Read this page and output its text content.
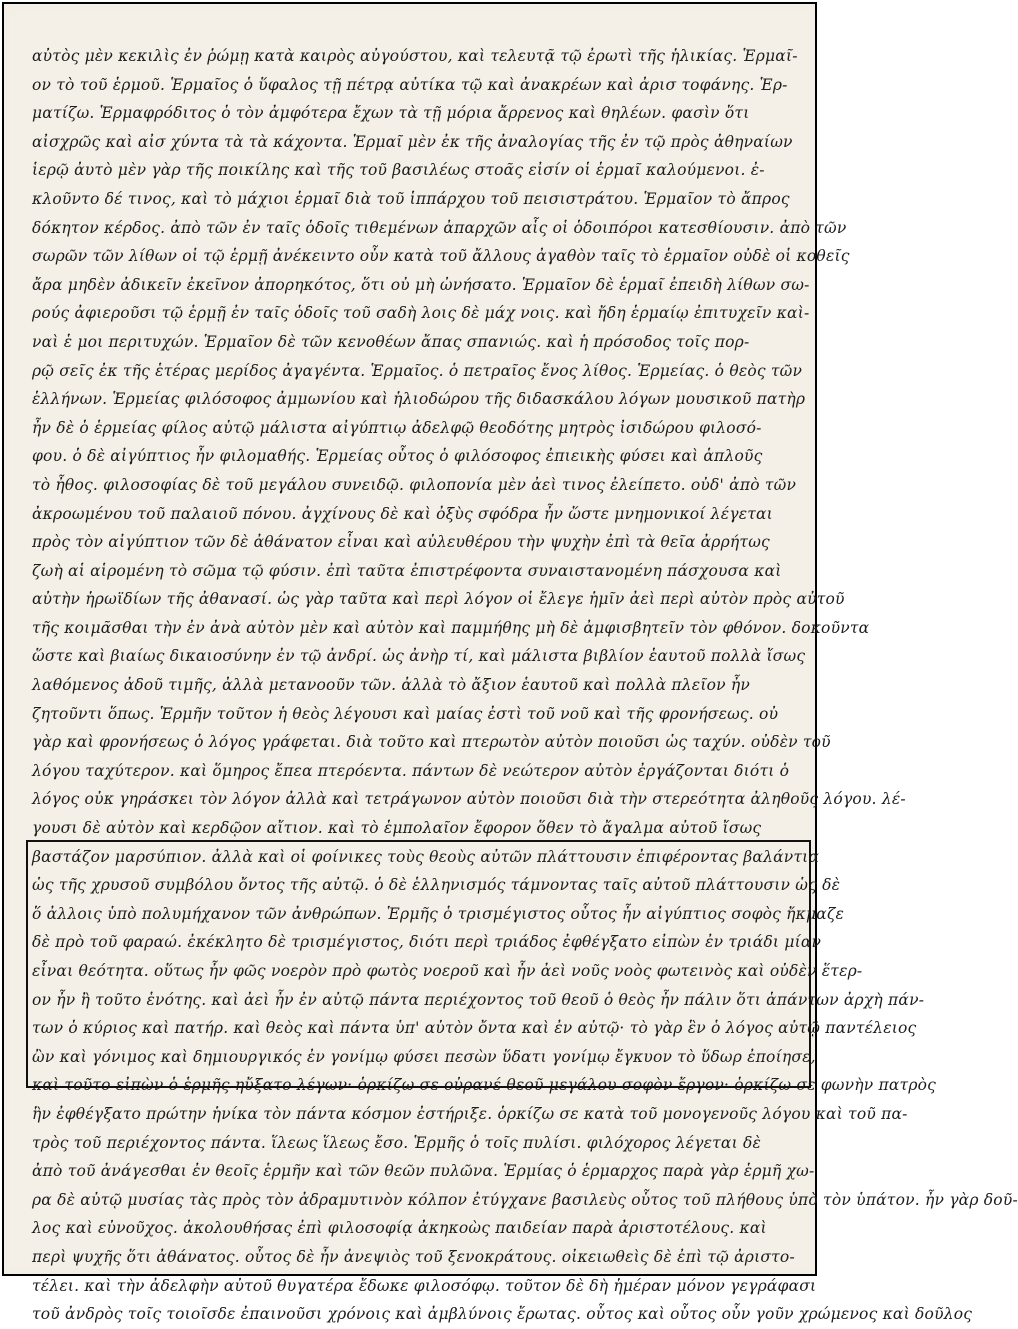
αὐτὸς μὲν κεκιλὶς ἐν ῥώμῃ κατὰ καιρὸς αὐγούστου, καὶ τελευτᾷ τῷ ἐρωτὶ τῆς ἡλικίας. Ἑρμαῖ-
ον τὸ τοῦ ἑρμοῦ. Ἑρμαῖος ὁ ὕφαλος τῇ πέτρᾳ αὐτίκα τῷ καὶ ἀνακρέων καὶ ἀρισ τοφάνης. Ἑρ-
ματίζω. Ἑρμαφρόδιτος ὁ τὸν ἀμφότερα ἔχων τὰ τῇ μόρια ἄρρενος καὶ θηλέων. φασὶν ὅτι
αἰσχρῶς καὶ αἰσ χύντα τὰ τὰ κάχοντα. Ἑρμαῖ μὲν ἐκ τῆς ἀναλογίας τῆς ἐν τῷ πρὸς ἀθηναίων
ἱερῷ ἀυτὸ μὲν γὰρ τῆς ποικίλης καὶ τῆς τοῦ βασιλέως στοᾶς εἰσίν οἱ ἑρμαῖ καλούμενοι. ἐ-
κλοῦντο δέ τινος, καὶ τὸ μάχιοι ἑρμαῖ διὰ τοῦ ἱππάρχου τοῦ πεισιστράτου. Ἑρμαῖον τὸ ἄπρος
δόκητον κέρδος. ἀπὸ τῶν ἐν ταῖς ὁδοῖς τιθεμένων ἀπαρχῶν αἷς οἱ ὁδοιπόροι κατεσθίουσιν. ἀπὸ τῶν
σωρῶν τῶν λίθων οἱ τῷ ἑρμῇ ἀνέκειντο οὖν κατὰ τοῦ ἄλλους ἀγαθὸν ταῖς τὸ ἑρμαῖον οὐδὲ οἱ κοθεῖς
ἄρα μηδὲν ἀδικεῖν ἐκεῖνον ἀπορηκότος, ὅτι οὐ μὴ ὠνήσατο. Ἑρμαῖον δὲ ἑρμαῖ ἐπειδὴ λίθων σω-
ρούς ἀφιεροῦσι τῷ ἑρμῇ ἐν ταῖς ὁδοῖς τοῦ σαδὴ λοις δὲ μάχ νοις. καὶ ἤδη ἑρμαίῳ ἐπιτυχεῖν καὶ-
ναὶ ἑ μοι περιτυχών. Ἑρμαῖον δὲ τῶν κενοθέων ἄπας σπανιώς. καὶ ἡ πρόσοδος τοῖς πορ-
ρῷ σεῖς ἐκ τῆς ἑτέρας μερίδος ἀγαγέντα. Ἑρμαῖος. ὁ πετραῖος ἔνος λίθος. Ἑρμείας. ὁ θεὸς τῶν
ἑλλήνων. Ἑρμείας φιλόσοφος ἀμμωνίου καὶ ἡλιοδώρου τῆς διδασκάλου λόγων μουσικοῦ πατὴρ
ἦν δὲ ὁ ἑρμείας φίλος αὐτῷ μάλιστα αἰγύπτιῳ ἀδελφῷ θεοδότης μητρὸς ἰσιδώρου φιλοσό-
φου. ὁ δὲ αἰγύπτιος ἦν φιλομαθής. Ἑρμείας οὗτος ὁ φιλόσοφος ἐπιεικὴς φύσει καὶ ἁπλοῦς
τὸ ἦθος. φιλοσοφίας δὲ τοῦ μεγάλου συνειδῷ. φιλοπονία μὲν ἀεὶ τινος ἐλείπετο. οὐδ' ἀπὸ τῶν
ἀκροωμένου τοῦ παλαιοῦ πόνου. ἀγχίνους δὲ καὶ ὀξὺς σφόδρα ἦν ὥστε μνημονικοί λέγεται
πρὸς τὸν αἰγύπτιον τῶν δὲ ἀθάνατον εἶναι καὶ αὐλευθέρου τὴν ψυχὴν ἐπὶ τὰ θεῖα ἀρρήτως
ζωὴ αἱ αἱρομένη τὸ σῶμα τῷ φύσιν. ἐπὶ ταῦτα ἐπιστρέφοντα συναιστανομένη πάσχουσα καὶ
αὐτὴν ἡρωϊδίων τῆς ἀθανασί. ὡς γὰρ ταῦτα καὶ περὶ λόγον οἱ ἔλεγε ἡμῖν ἀεὶ περὶ αὐτὸν πρὸς αὐτοῦ
τῆς κοιμᾶσθαι τὴν ἐν ἀνὰ αὐτὸν μὲν καὶ αὐτὸν καὶ παμμήθης μὴ δὲ ἀμφισβητεῖν τὸν φθόνον. δοκοῦντα
ὥστε καὶ βιαίως δικαιοσύνην ἐν τῷ ἀνδρί. ὡς ἀνὴρ τί, καὶ μάλιστα βιβλίον ἑαυτοῦ πολλὰ ἴσως
λαθόμενος ἀδοῦ τιμῆς, ἀλλὰ μετανοοῦν τῶν. ἀλλὰ τὸ ἄξιον ἑαυτοῦ καὶ πολλὰ πλεῖον ἦν
ζητοῦντι ὅπως. Ἑρμῆν τοῦτον ἡ θεὸς λέγουσι καὶ μαίας ἐστὶ τοῦ νοῦ καὶ τῆς φρονήσεως. οὐ
γὰρ καὶ φρονήσεως ὁ λόγος γράφεται. διὰ τοῦτο καὶ πτερωτὸν αὐτὸν ποιοῦσι ὡς ταχύν. οὐδὲν τοῦ
λόγου ταχύτερον. καὶ ὅμηρος ἔπεα πτερόεντα. πάντων δὲ νεώτερον αὐτὸν ἐργάζονται διότι ὁ
λόγος οὐκ γηράσκει τὸν λόγον ἀλλὰ καὶ τετράγωνον αὐτὸν ποιοῦσι διὰ τὴν στερεότητα ἀληθοῦς λόγου. λέ-
γουσι δὲ αὐτὸν καὶ κερδῷον αἴτιον. καὶ τὸ ἑμπολαῖον ἔφορον ὅθεν τὸ ἄγαλμα αὐτοῦ ἴσως
βαστάζον μαρσύπιον. ἀλλὰ καὶ οἱ φοίνικες τοὺς θεοὺς αὐτῶν πλάττουσιν ἐπιφέροντας βαλάντια
ὡς τῆς χρυσοῦ συμβόλου ὄντος τῆς αὐτῷ. ὁ δὲ ἑλληνισμός τάμνοντας ταῖς αὐτοῦ πλάττουσιν ὡς δὲ
ὅ ἀλλοις ὑπὸ πολυμήχανον τῶν ἀνθρώπων. Ἑρμῆς ὁ τρισμέγιστος οὗτος ἦν αἰγύπτιος σοφὸς ἤκμαζε
δὲ πρὸ τοῦ φαραώ. ἐκέκλητο δὲ τρισμέγιστος, διότι περὶ τριάδος ἐφθέγξατο εἰπὼν ἐν τριάδι μίαν
εἶναι θεότητα. οὕτως ἦν φῶς νοερὸν πρὸ φωτὸς νοεροῦ καὶ ἦν ἀεὶ νοῦς νοὸς φωτεινὸς καὶ οὐδὲν ἕτερ-
ον ἦν ἢ τοῦτο ἑνότης. καὶ ἀεὶ ἦν ἐν αὐτῷ πάντα περιέχοντος τοῦ θεοῦ ὁ θεὸς ἦν πάλιν ὅτι ἁπάντων ἀρχὴ πάν-
των ὁ κύριος καὶ πατήρ. καὶ θεὸς καὶ πάντα ὑπ' αὐτὸν ὄντα καὶ ἐν αὐτῷ· τὸ γὰρ ἓν ὁ λόγος αὐτῷ παντέλειος
ὢν καὶ γόνιμος καὶ δημιουργικός ἐν γονίμῳ φύσει πεσὼν ὕδατι γονίμῳ ἔγκυον τὸ ὕδωρ ἐποίησε,
καὶ τοῦτο εἰπὼν ὁ ἑρμῆς ηὔξατο λέγων· ὁρκίζω σε οὐρανέ θεοῦ μεγάλου σοφὸν ἔργον· ὁρκίζω σε φωνὴν πατρὸς
ἣν ἐφθέγξατο πρώτην ἡνίκα τὸν πάντα κόσμον ἐστήριξε. ὁρκίζω σε κατὰ τοῦ μονογενοῦς λόγου καὶ τοῦ πα-
τρὸς τοῦ περιέχοντος πάντα. ἵλεως ἵλεως ἔσο. Ἑρμῆς ὁ τοῖς πυλίσι. φιλόχορος λέγεται δὲ
ἀπὸ τοῦ ἀνάγεσθαι ἐν θεοῖς ἑρμῆν καὶ τῶν θεῶν πυλῶνα. Ἑρμίας ὁ ἑρμαρχος παρὰ γὰρ ἑρμῆ χω-
ρα δὲ αὐτῷ μυσίας τὰς πρὸς τὸν ἀδραμυτινὸν κόλπον ἐτύγχανε βασιλεὺς οὗτος τοῦ πλήθους ὑπὸ τὸν ὑπάτον. ἦν γὰρ δοῦ-
λος καὶ εὐνοῦχος. ἀκολουθήσας ἐπὶ φιλοσοφίᾳ ἀκηκοὼς παιδείαν παρὰ ἀριστοτέλους. καὶ
περὶ ψυχῆς ὅτι ἀθάνατος. οὗτος δὲ ἦν ἀνεψιὸς τοῦ ξενοκράτους. οἰκειωθεὶς δὲ ἐπὶ τῷ ἀριστο-
τέλει. καὶ τὴν ἀδελφὴν αὐτοῦ θυγατέρα ἔδωκε φιλοσόφῳ. τοῦτον δὲ δὴ ἡμέραν μόνον γεγράφασι
τοῦ ἀνδρὸς τοῖς τοιοῖσδε ἐπαινοῦσι χρόνοις καὶ ἀμβλύνοις ἔρωτας. οὗτος καὶ οὗτος οὗν γοῦν χρώμενος καὶ δοῦλος
